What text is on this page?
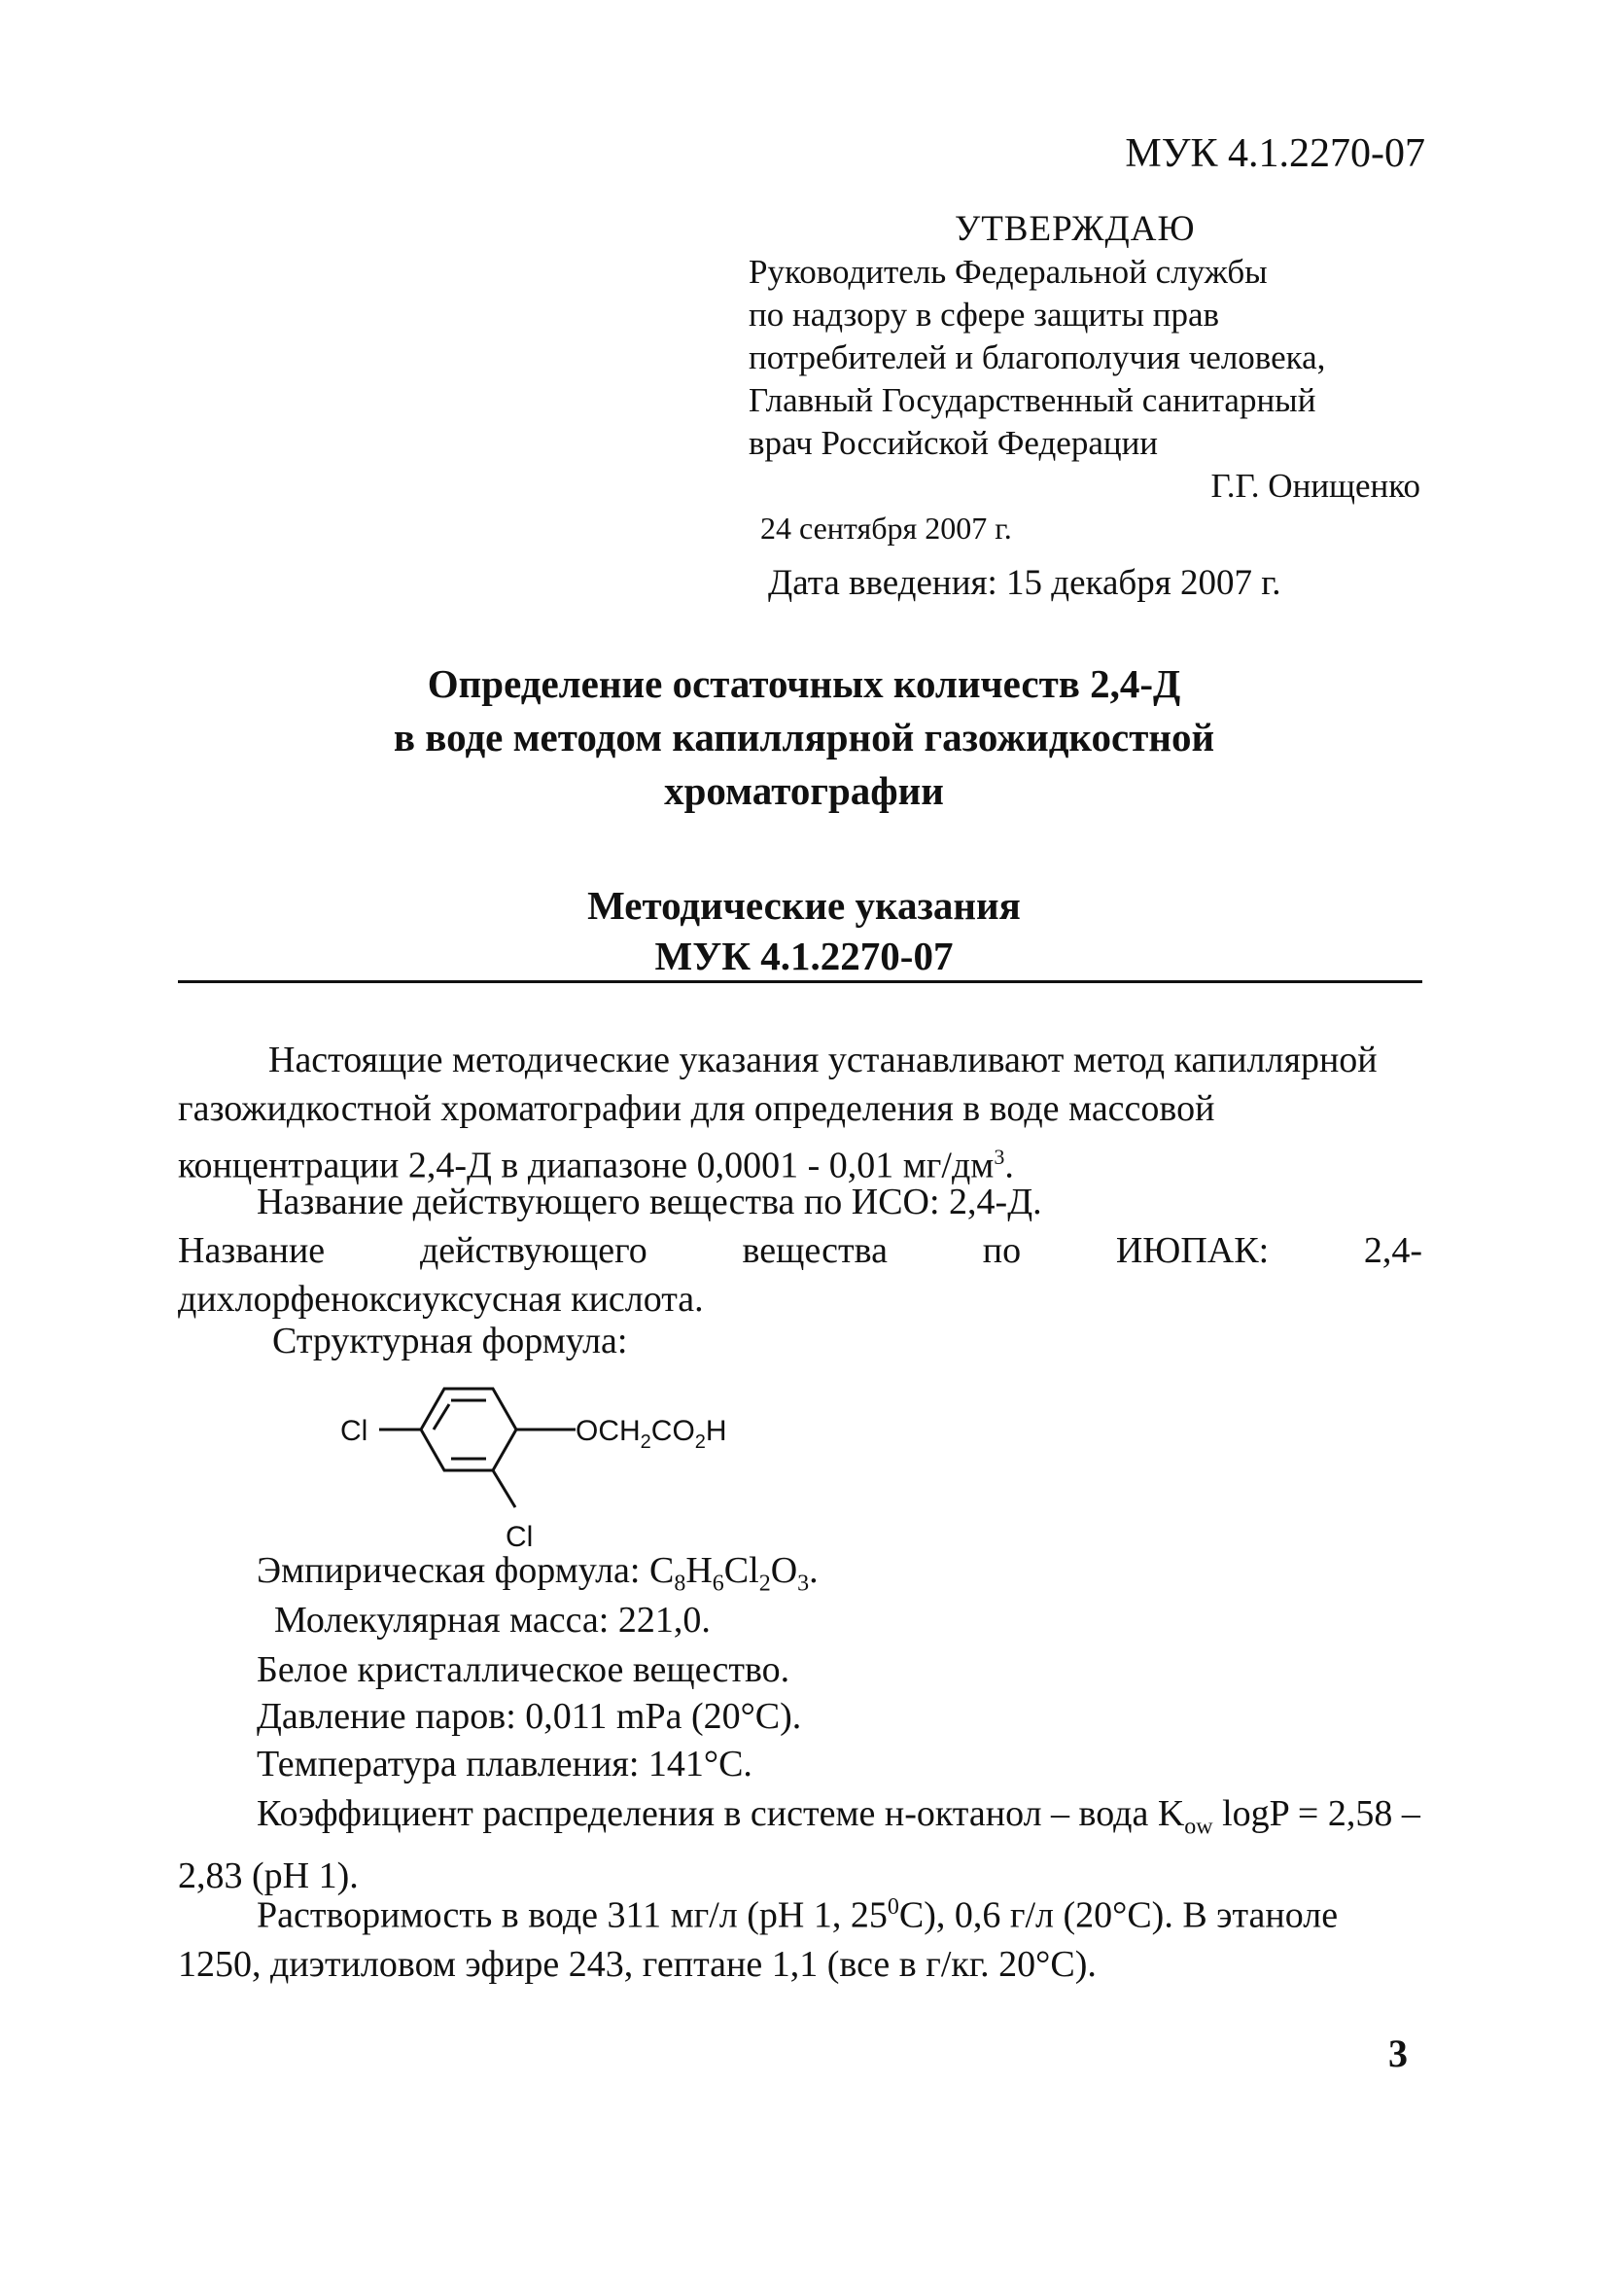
МУК 4.1.2270-07
УТВЕРЖДАЮ
Руководитель Федеральной службы
по надзору в сфере защиты прав
потребителей и благополучия человека,
Главный Государственный санитарный
врач Российской Федерации
Г.Г. Онищенко
24 сентября 2007 г.
Дата введения: 15 декабря 2007 г.
Определение остаточных количеств 2,4-Д
в воде методом капиллярной газожидкостной
хроматографии
Методические указания
МУК 4.1.2270-07

Настоящие методические указания устанавливают метод капиллярной газожидкостной хроматографии для определения в воде массовой концентрации 2,4-Д в диапазоне 0,0001 - 0,01 $мг/дм^3$.

Название действующего вещества по ИСО: 2,4-Д.
Название	действующего	вещества	по	ИЮПАК:	2,4-
дихлорфеноксиуксусная кислота.
Структурная формула:
Cl	$OCH_2CO_2H$
Cl
Эмпирическая формула: $C_8H_6Cl_2O_3$.
Молекулярная масса: 221,0.
Белое кристаллическое вещество.
Давление паров: 0,011 mPa (20°C).
Температура плавления: 141°C.

Коэффициент распределения в системе н-октанол – вода $K_{ow}$ logP = 2,58 – 2,83 (pH 1).

Растворимость в воде 311 мг/л (pH 1, $25^0С$), 0,6 г/л (20°C). В этаноле 1250, диэтиловом эфире 243, гептане 1,1 (все в г/кг. 20°C).

3
